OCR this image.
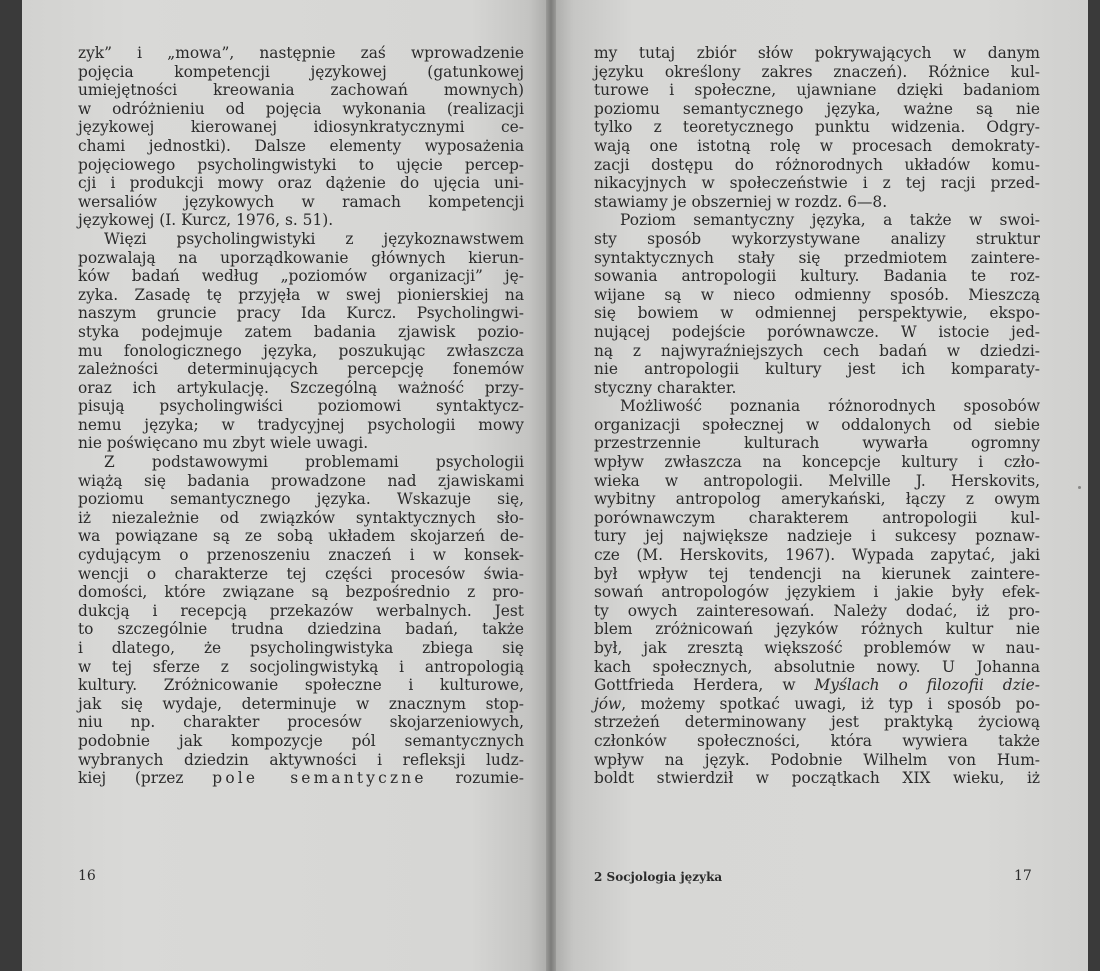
zyk” i „mowa”, następnie zaś wprowadzenie
pojęcia kompetencji językowej (gatunkowej
umiejętności kreowania zachowań mownych)
w odróżnieniu od pojęcia wykonania (realizacji
językowej kierowanej idiosynkratycznymi ce-
chami jednostki). Dalsze elementy wyposażenia
pojęciowego psycholingwistyki to ujęcie percep-
cji i produkcji mowy oraz dążenie do ujęcia uni-
wersaliów językowych w ramach kompetencji
językowej (I. Kurcz, 1976, s. 51).
Więzi psycholingwistyki z językoznawstwem
pozwalają na uporządkowanie głównych kierun-
ków badań według „poziomów organizacji” ję-
zyka. Zasadę tę przyjęła w swej pionierskiej na
naszym gruncie pracy Ida Kurcz. Psycholingwi-
styka podejmuje zatem badania zjawisk pozio-
mu fonologicznego języka, poszukując zwłaszcza
zależności determinujących percepcję fonemów
oraz ich artykulację. Szczególną ważność przy-
pisują psycholingwiści poziomowi syntaktycz-
nemu języka; w tradycyjnej psychologii mowy
nie poświęcano mu zbyt wiele uwagi.
Z podstawowymi problemami psychologii
wiążą się badania prowadzone nad zjawiskami
poziomu semantycznego języka. Wskazuje się,
iż niezależnie od związków syntaktycznych sło-
wa powiązane są ze sobą układem skojarzeń de-
cydującym o przenoszeniu znaczeń i w konsek-
wencji o charakterze tej części procesów świa-
domości, które związane są bezpośrednio z pro-
dukcją i recepcją przekazów werbalnych. Jest
to szczególnie trudna dziedzina badań, także
i dlatego, że psycholingwistyka zbiega się
w tej sferze z socjolingwistyką i antropologią
kultury. Zróżnicowanie społeczne i kulturowe,
jak się wydaje, determinuje w znacznym stop-
niu np. charakter procesów skojarzeniowych,
podobnie jak kompozycje pól semantycznych
wybranych dziedzin aktywności i refleksji ludz-
kiej (przez pole semantyczne rozumie-
16
my tutaj zbiór słów pokrywających w danym
języku określony zakres znaczeń). Różnice kul-
turowe i społeczne, ujawniane dzięki badaniom
poziomu semantycznego języka, ważne są nie
tylko z teoretycznego punktu widzenia. Odgry-
wają one istotną rolę w procesach demokraty-
zacji dostępu do różnorodnych układów komu-
nikacyjnych w społeczeństwie i z tej racji przed-
stawiamy je obszerniej w rozdz. 6—8.
Poziom semantyczny języka, a także w swoi-
sty sposób wykorzystywane analizy struktur
syntaktycznych stały się przedmiotem zaintere-
sowania antropologii kultury. Badania te roz-
wijane są w nieco odmienny sposób. Mieszczą
się bowiem w odmiennej perspektywie, ekspo-
nującej podejście porównawcze. W istocie jed-
ną z najwyraźniejszych cech badań w dziedzi-
nie antropologii kultury jest ich komparaty-
styczny charakter.
Możliwość poznania różnorodnych sposobów
organizacji społecznej w oddalonych od siebie
przestrzennie kulturach wywarła ogromny
wpływ zwłaszcza na koncepcje kultury i czło-
wieka w antropologii. Melville J. Herskovits,
wybitny antropolog amerykański, łączy z owym
porównawczym charakterem antropologii kul-
tury jej największe nadzieje i sukcesy poznaw-
cze (M. Herskovits, 1967). Wypada zapytać, jaki
był wpływ tej tendencji na kierunek zaintere-
sowań antropologów językiem i jakie były efek-
ty owych zainteresowań. Należy dodać, iż pro-
blem zróżnicowań języków różnych kultur nie
był, jak zresztą większość problemów w nau-
kach społecznych, absolutnie nowy. U Johanna
Gottfrieda Herdera, w Myślach o filozofii dzie-
jów, możemy spotkać uwagi, iż typ i sposób po-
strzeżeń determinowany jest praktyką życiową
członków społeczności, która wywiera także
wpływ na język. Podobnie Wilhelm von Hum-
boldt stwierdził w początkach XIX wieku, iż
2 Socjologia języka	17
